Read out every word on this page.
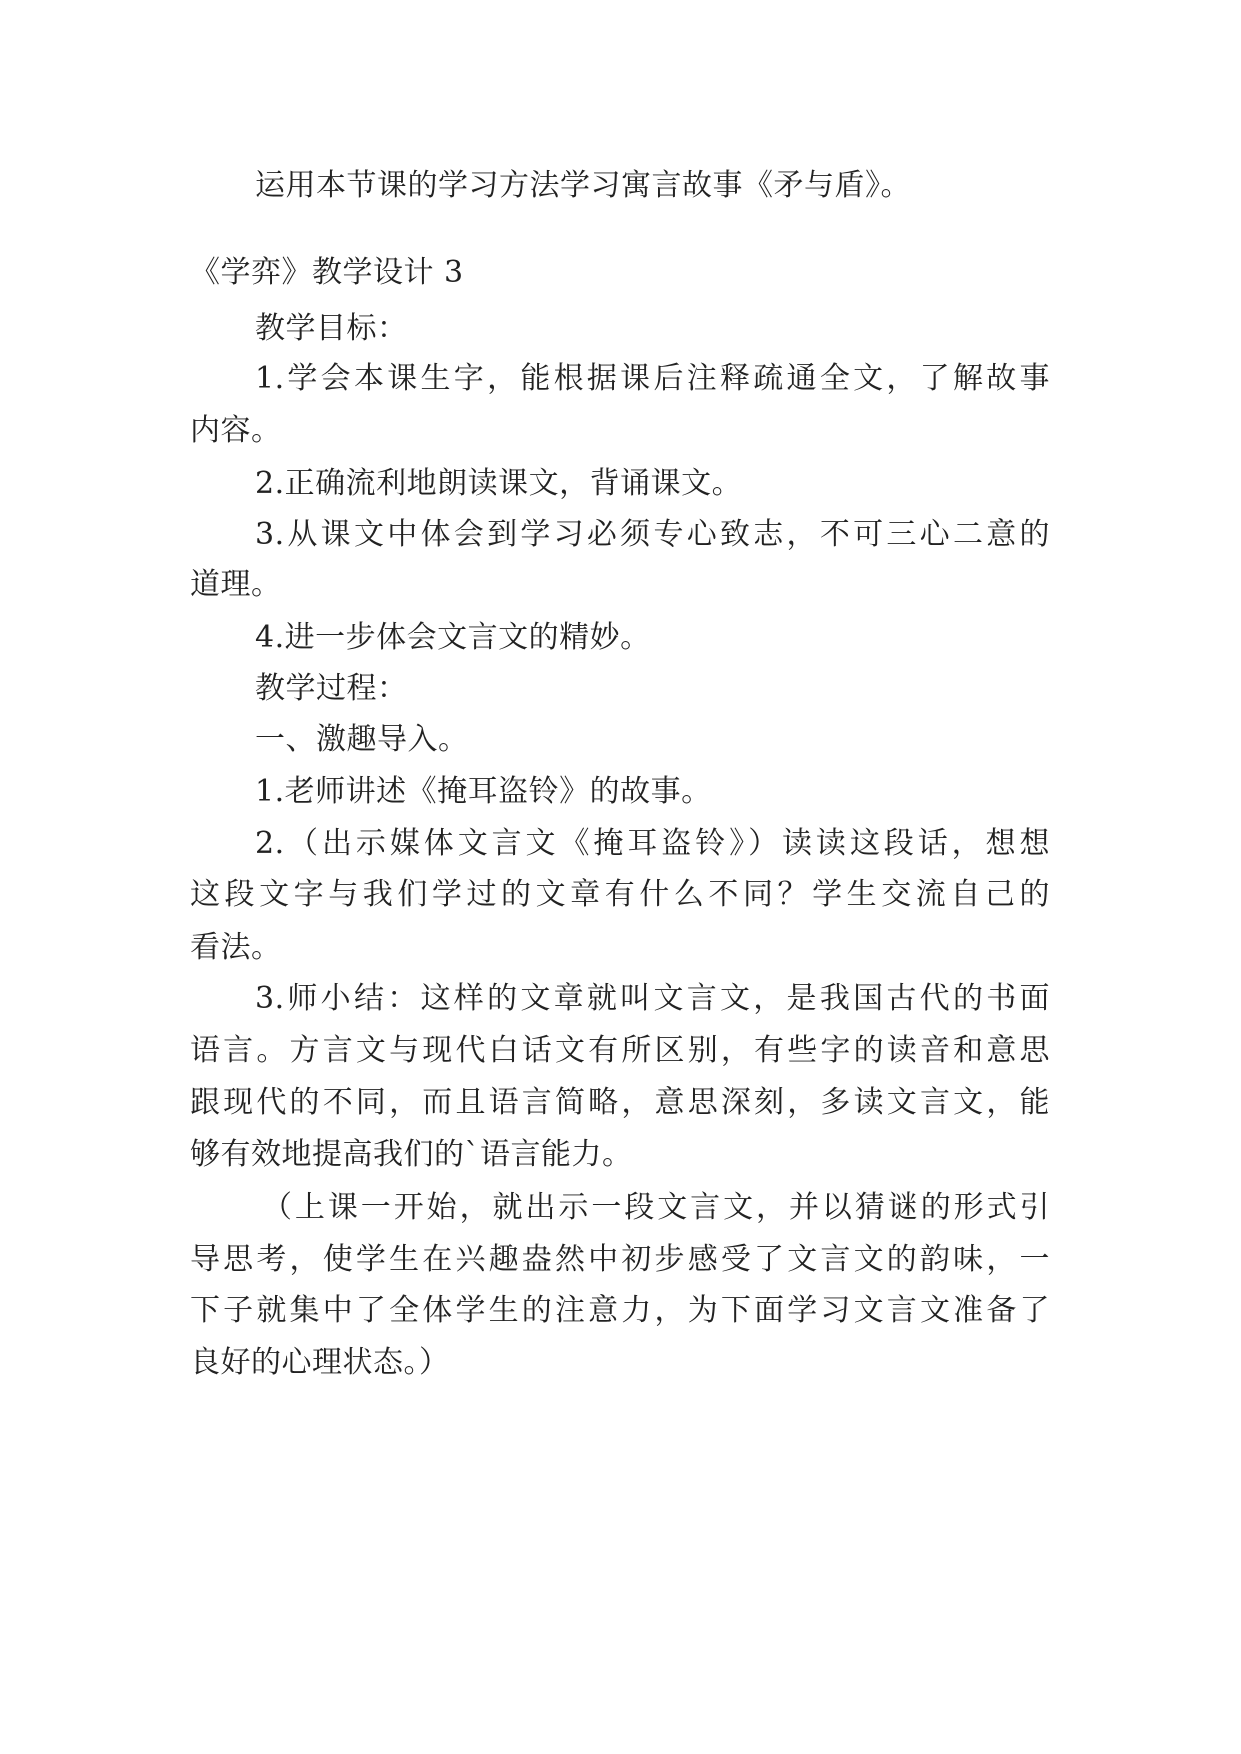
运用本节课的学习方法学习寓言故事《矛与盾》。
《学弈》教学设计 3
教学目标：
1.学会本课生字，能根据课后注释疏通全文，了解故事
内容。
2.正确流利地朗读课文，背诵课文。
3.从课文中体会到学习必须专心致志，不可三心二意的
道理。
4.进一步体会文言文的精妙。
教学过程：
一、激趣导入。
1.老师讲述《掩耳盗铃》的故事。
2.（出示媒体文言文《掩耳盗铃》）读读这段话，想想
这段文字与我们学过的文章有什么不同？学生交流自己的
看法。
3.师小结：这样的文章就叫文言文，是我国古代的书面
语言。方言文与现代白话文有所区别，有些字的读音和意思
跟现代的不同，而且语言简略，意思深刻，多读文言文，能
够有效地提高我们的`语言能力。
（上课一开始，就出示一段文言文，并以猜谜的形式引
导思考，使学生在兴趣盎然中初步感受了文言文的韵味，一
下子就集中了全体学生的注意力，为下面学习文言文准备了
良好的心理状态。）
